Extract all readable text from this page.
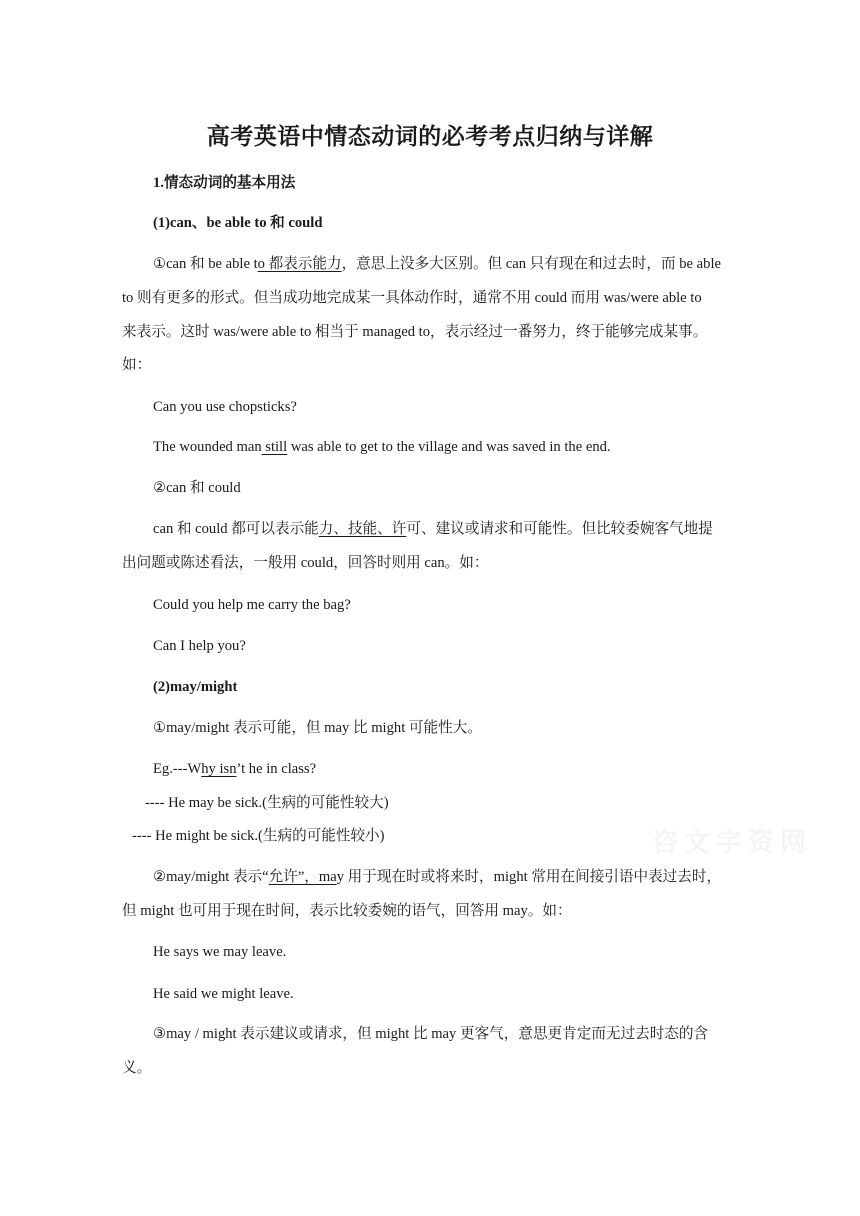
高考英语中情态动词的必考考点归纳与详解
1.情态动词的基本用法
(1)can、be able to 和 could
①can 和 be able to 都表示能力，意思上没多大区别。但 can 只有现在和过去时，而 be able
to 则有更多的形式。但当成功地完成某一具体动作时，通常不用 could 而用 was/were able to
来表示。这时 was/were able to 相当于 managed to，表示经过一番努力，终于能够完成某事。
如：
Can you use chopsticks?
The wounded man still was able to get to the village and was saved in the end.
②can 和 could
can 和 could 都可以表示能力、技能、许可、建议或请求和可能性。但比较委婉客气地提
出问题或陈述看法，一般用 could，回答时则用 can。如：
Could you help me carry the bag?
Can I help you?
(2)may/might
①may/might 表示可能，但 may 比 might 可能性大。
Eg.---Why isn’t he in class?
---- He may be sick.(生病的可能性较大)
---- He might be sick.(生病的可能性较小)
②may/might 表示“允许”，may 用于现在时或将来时，might 常用在间接引语中表过去时，
但 might 也可用于现在时间，表示比较委婉的语气，回答用 may。如：
He says we may leave.
He said we might leave.
③may / might 表示建议或请求，但 might 比 may 更客气，意思更肯定而无过去时态的含
义。
咨文字资网
